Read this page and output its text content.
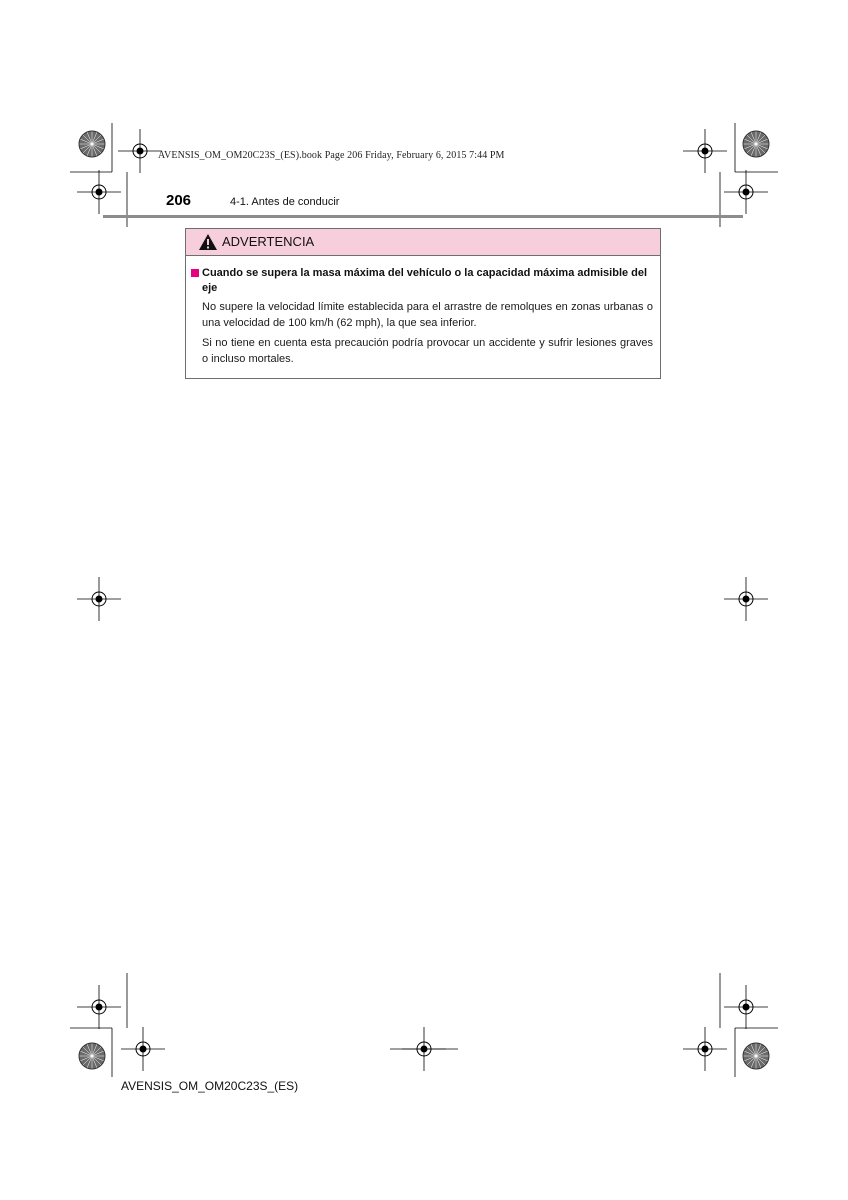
AVENSIS_OM_OM20C23S_(ES).book Page 206 Friday, February 6, 2015 7:44 PM
206	4-1. Antes de conducir
ADVERTENCIA
Cuando se supera la masa máxima del vehículo o la capacidad máxima admisible del eje
No supere la velocidad límite establecida para el arrastre de remolques en zonas urbanas o una velocidad de 100 km/h (62 mph), la que sea inferior.
Si no tiene en cuenta esta precaución podría provocar un accidente y sufrir lesiones graves o incluso mortales.
AVENSIS_OM_OM20C23S_(ES)
